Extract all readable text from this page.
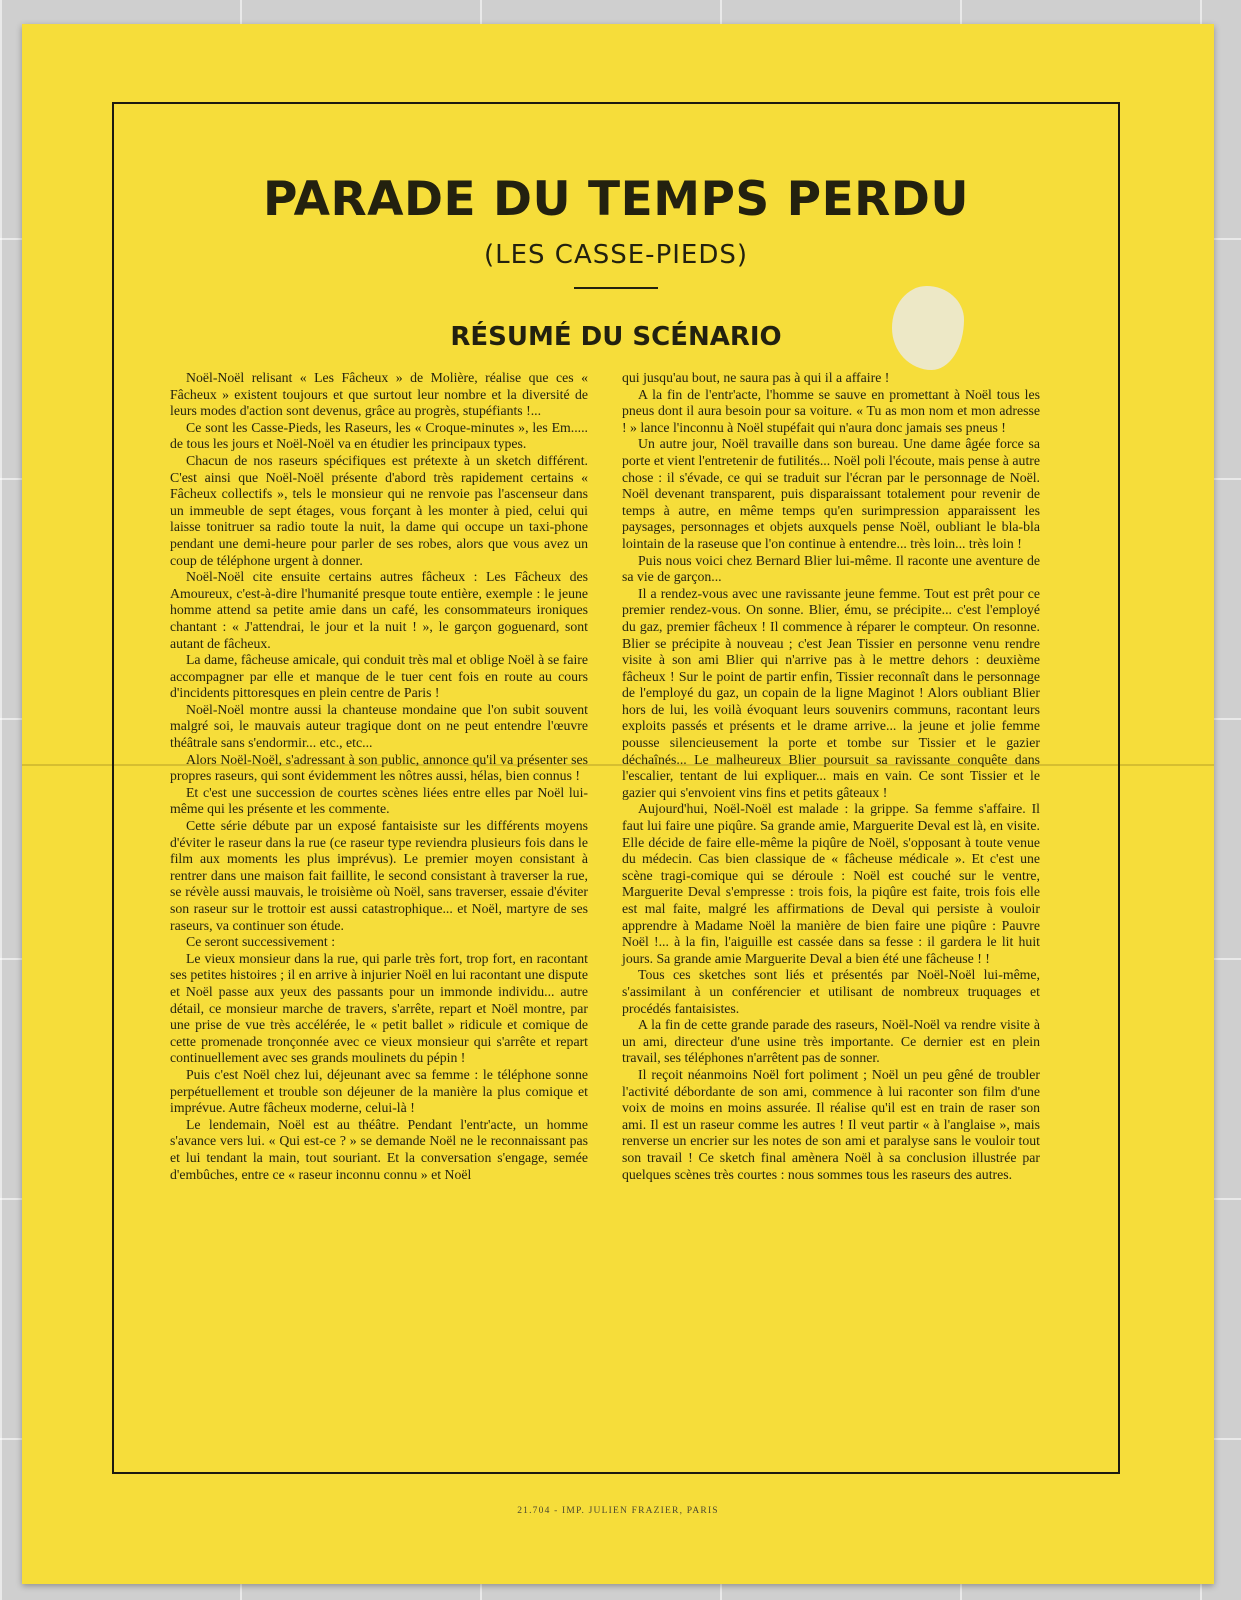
PARADE DU TEMPS PERDU
(LES CASSE-PIEDS)
RÉSUMÉ DU SCÉNARIO

Noël-Noël relisant « Les Fâcheux » de Molière, réalise que ces « Fâcheux » existent toujours et que surtout leur nombre et la diversité de leurs modes d'action sont devenus, grâce au progrès, stupéfiants !...

Ce sont les Casse-Pieds, les Raseurs, les « Croque-minutes », les Em..... de tous les jours et Noël-Noël va en étudier les principaux types.

Chacun de nos raseurs spécifiques est prétexte à un sketch différent. C'est ainsi que Noël-Noël présente d'abord très rapidement certains « Fâcheux collectifs », tels le monsieur qui ne renvoie pas l'ascenseur dans un immeuble de sept étages, vous forçant à les monter à pied, celui qui laisse tonitruer sa radio toute la nuit, la dame qui occupe un taxi-phone pendant une demi-heure pour parler de ses robes, alors que vous avez un coup de téléphone urgent à donner.

Noël-Noël cite ensuite certains autres fâcheux : Les Fâcheux des Amoureux, c'est-à-dire l'humanité presque toute entière, exemple : le jeune homme attend sa petite amie dans un café, les consommateurs ironiques chantant : « J'attendrai, le jour et la nuit ! », le garçon goguenard, sont autant de fâcheux.

La dame, fâcheuse amicale, qui conduit très mal et oblige Noël à se faire accompagner par elle et manque de le tuer cent fois en route au cours d'incidents pittoresques en plein centre de Paris !

Noël-Noël montre aussi la chanteuse mondaine que l'on subit souvent malgré soi, le mauvais auteur tragique dont on ne peut entendre l'œuvre théâtrale sans s'endormir... etc., etc...

Alors Noël-Noël, s'adressant à son public, annonce qu'il va présenter ses propres raseurs, qui sont évidemment les nôtres aussi, hélas, bien connus !

Et c'est une succession de courtes scènes liées entre elles par Noël lui-même qui les présente et les commente.

Cette série débute par un exposé fantaisiste sur les différents moyens d'éviter le raseur dans la rue (ce raseur type reviendra plusieurs fois dans le film aux moments les plus imprévus). Le premier moyen consistant à rentrer dans une maison fait faillite, le second consistant à traverser la rue, se révèle aussi mauvais, le troisième où Noël, sans traverser, essaie d'éviter son raseur sur le trottoir est aussi catastrophique... et Noël, martyre de ses raseurs, va continuer son étude.

Ce seront successivement :

Le vieux monsieur dans la rue, qui parle très fort, trop fort, en racontant ses petites histoires ; il en arrive à injurier Noël en lui racontant une dispute et Noël passe aux yeux des passants pour un immonde individu... autre détail, ce monsieur marche de travers, s'arrête, repart et Noël montre, par une prise de vue très accélérée, le « petit ballet » ridicule et comique de cette promenade tronçonnée avec ce vieux monsieur qui s'arrête et repart continuellement avec ses grands moulinets du pépin !

Puis c'est Noël chez lui, déjeunant avec sa femme : le téléphone sonne perpétuellement et trouble son déjeuner de la manière la plus comique et imprévue. Autre fâcheux moderne, celui-là !

Le lendemain, Noël est au théâtre. Pendant l'entr'acte, un homme s'avance vers lui. « Qui est-ce ? » se demande Noël ne le reconnaissant pas et lui tendant la main, tout souriant. Et la conversation s'engage, semée d'embûches, entre ce « raseur inconnu connu » et Noël

qui jusqu'au bout, ne saura pas à qui il a affaire !

A la fin de l'entr'acte, l'homme se sauve en promettant à Noël tous les pneus dont il aura besoin pour sa voiture. « Tu as mon nom et mon adresse ! » lance l'inconnu à Noël stupéfait qui n'aura donc jamais ses pneus !

Un autre jour, Noël travaille dans son bureau. Une dame âgée force sa porte et vient l'entretenir de futilités... Noël poli l'écoute, mais pense à autre chose : il s'évade, ce qui se traduit sur l'écran par le personnage de Noël. Noël devenant transparent, puis disparaissant totalement pour revenir de temps à autre, en même temps qu'en surimpression apparaissent les paysages, personnages et objets auxquels pense Noël, oubliant le bla-bla lointain de la raseuse que l'on continue à entendre... très loin... très loin !

Puis nous voici chez Bernard Blier lui-même. Il raconte une aventure de sa vie de garçon...

Il a rendez-vous avec une ravissante jeune femme. Tout est prêt pour ce premier rendez-vous. On sonne. Blier, ému, se précipite... c'est l'employé du gaz, premier fâcheux ! Il commence à réparer le compteur. On resonne. Blier se précipite à nouveau ; c'est Jean Tissier en personne venu rendre visite à son ami Blier qui n'arrive pas à le mettre dehors : deuxième fâcheux ! Sur le point de partir enfin, Tissier reconnaît dans le personnage de l'employé du gaz, un copain de la ligne Maginot ! Alors oubliant Blier hors de lui, les voilà évoquant leurs souvenirs communs, racontant leurs exploits passés et présents et le drame arrive... la jeune et jolie femme pousse silencieusement la porte et tombe sur Tissier et le gazier déchaînés... Le malheureux Blier poursuit sa ravissante conquête dans l'escalier, tentant de lui expliquer... mais en vain. Ce sont Tissier et le gazier qui s'envoient vins fins et petits gâteaux !

Aujourd'hui, Noël-Noël est malade : la grippe. Sa femme s'affaire. Il faut lui faire une piqûre. Sa grande amie, Marguerite Deval est là, en visite. Elle décide de faire elle-même la piqûre de Noël, s'opposant à toute venue du médecin. Cas bien classique de « fâcheuse médicale ». Et c'est une scène tragi-comique qui se déroule : Noël est couché sur le ventre, Marguerite Deval s'empresse : trois fois, la piqûre est faite, trois fois elle est mal faite, malgré les affirmations de Deval qui persiste à vouloir apprendre à Madame Noël la manière de bien faire une piqûre : Pauvre Noël !... à la fin, l'aiguille est cassée dans sa fesse : il gardera le lit huit jours. Sa grande amie Marguerite Deval a bien été une fâcheuse ! !

Tous ces sketches sont liés et présentés par Noël-Noël lui-même, s'assimilant à un conférencier et utilisant de nombreux truquages et procédés fantaisistes.

A la fin de cette grande parade des raseurs, Noël-Noël va rendre visite à un ami, directeur d'une usine très importante. Ce dernier est en plein travail, ses téléphones n'arrêtent pas de sonner.

Il reçoit néanmoins Noël fort poliment ; Noël un peu gêné de troubler l'activité débordante de son ami, commence à lui raconter son film d'une voix de moins en moins assurée. Il réalise qu'il est en train de raser son ami. Il est un raseur comme les autres ! Il veut partir « à l'anglaise », mais renverse un encrier sur les notes de son ami et paralyse sans le vouloir tout son travail ! Ce sketch final amènera Noël à sa conclusion illustrée par quelques scènes très courtes : nous sommes tous les raseurs des autres.

21.704 - IMP. JULIEN FRAZIER, PARIS
